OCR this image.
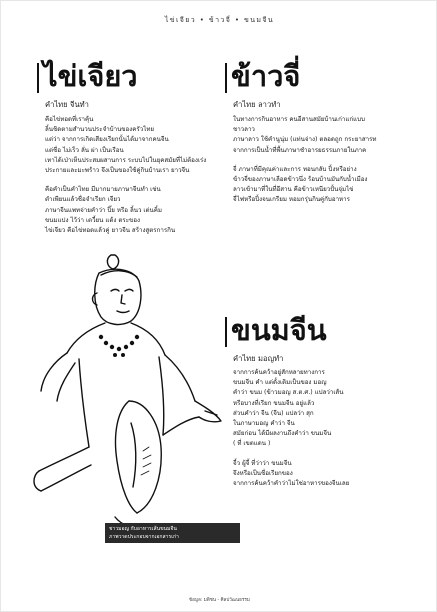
ไข่เจียว • ข้าวจี่ • ขนมจีน
ไข่เจียว
คำไทย จีนทำ
คือไข่ทอดที่เราคุ้น
ลิ้นชิดตามสำนวนประจำบ้านของครัวไทย
แต่ว่า จากการเกิดเสียงเรียกนั้นได้มาจากคนจีน
แต่ชื่อ ไม่เร็ว ลั่น ผ่า เป็นเรือน
เทาได้เป่าเห็นประสมผสานการ ระบบไปในยุคสมัยที่ไม่ต้องเร่ง
ประกายและมะพร้าว จึงเป็นของใช้คู่กินบ้านเรา ยาวจีน
คือคำเป็นคำไทย มีมากมายภาษาจีนทำ เช่น
ตำเพียนแล้วชื่อจำเรียก เจียว
ภาษาจีนแพทจ่ายคำว่า ปิ๊ย หรือ ลิ้นว เต่นคิ้ม
ขนมแปง ไว้ว่า เตวี้ยน แต้ง ตระของ
ไข่เจียว คือไข่ทอดแล้วคู่ ยาวจีน สร้างสูตรการกิน
ข้าวจี่
คำไทย ลาวทำ
ในทางการกินอาหาร คนอีสานสมัยบ้านเก่าแก่แบบ
ชาวลาว
ภาษาลาว ใช้คำนูนุ่ม (แท่นจ่าง) ตลอดถูก กระยาสารท
จากการเป็นน้ำที่พื้นภาษาชำอารยธรรมภายในภาค
จี่ ภาษาที่มีคุณค่าและการ ทอนกลับ ปิ้งหรือย่าง
ข้าวจี่ของภาษาเลือดข้าวนึ่ง ร้อนบ้านมันกับน้ำเมือง
ลาวเข้ามาที่ในที่อีสาน คือข้าวเหนียวปั้นจุ่มไข่
จี่ไฟหรือปิ้งจนเกรียม หอมกรุ่นกินคู่กับอาหาร
ขนมจีน
คำไทย มอญทำ
จากการค้นคว้าอยู่สักหลายทางการ
ขนมจีน คำ แต่ดั้งเดิมเป็นของ มอญ
คำว่า ขนม (ข้าวมอญ ส.ต.ศ.) แปลว่าเส้น
หรือบางที่เรียก ขนมจีน อยู่แล้ว
ส่วนคำว่า จีน (จีน) แปลว่า สุก
ในภาษามอญ คำว่า จีน
สมัยก่อน ได้มีผลงานถึงคำว่า ขนมจีน
( ที่ เขตแดน )
จี้ว ผู้จี้ ที่ว่าว่า ขนมจีน
จึงหรือเป็นชื่อเรียกของ
จากการค้นคว้าคำว่าไม่ใช่อาหารของจีนเลย
ชาวมอญ กับอาหารเส้นขนมจีน
ภาพวาดประกอบจากเอกสารเก่า
ข้อมูล: มติชน - ศิลปวัฒนธรรม
